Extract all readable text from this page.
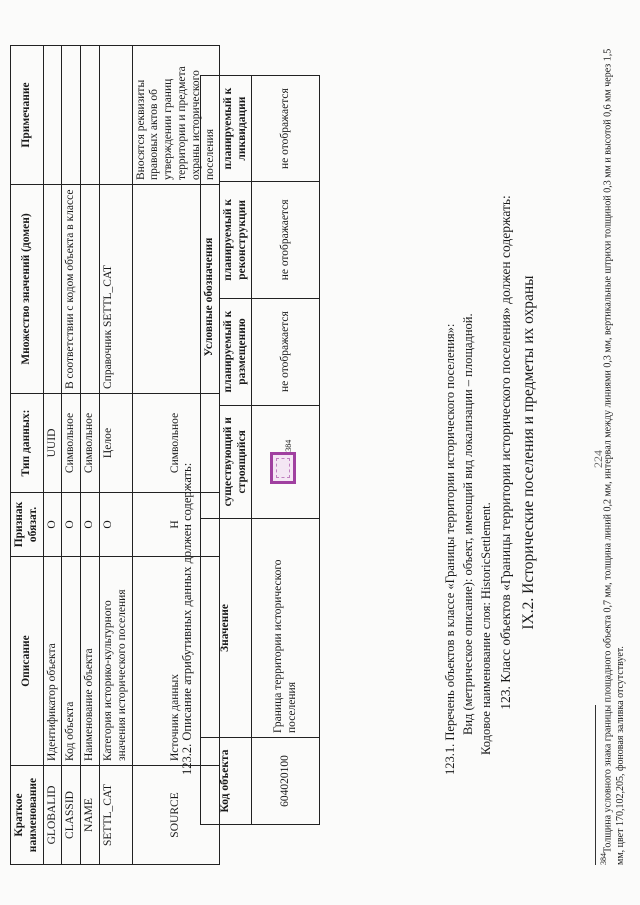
224
IX.2. Исторические поселения и предметы их охраны
123. Класс объектов «Границы территории исторического поселения» должен содержать:
Кодовое наименование слоя: HistoricSettlement.
Вид (метрическое описание): объект, имеющий вид локализации – площадной.
123.1. Перечень объектов в классе «Границы территории исторического поселения»:
Код объекта	Значение	Условные обозначения			
		существующий и строящийся	планируемый к размещению	планируемый к реконструкции	планируемый к ликвидации
604020100	Граница территории исторического поселения	$^{384}$	не отображается	не отображается	не отображается
123.2. Описание атрибутивных данных должен содержать:
Краткое наименование	Описание	Признак обязат.	Тип данных:	Множество значений (домен)	Примечание
GLOBALID	Идентификатор объекта	О	UUID		
CLASSID	Код объекта	О	Символьное	В соответствии с кодом объекта в классе	
NAME	Наименование объекта	О	Символьное		
SETTL_CAT	Категория историко-культурного значения исторического поселения	О	Целое	Справочник SETTL_CAT	
SOURCE	Источник данных	Н	Символьное		Вносятся реквизиты правовых актов об утверждении границ территории и предмета охраны исторического поселения
$^{384}$Толщина условного знака границы площадного объекта 0,7 мм, толщина линий 0,2 мм, интервал между линиями 0,3 мм, вертикальные штрихи толщиной 0,3 мм и высотой 0,6 мм через 1,5 мм, цвет 170,102,205, фоновая заливка отсутствует.
